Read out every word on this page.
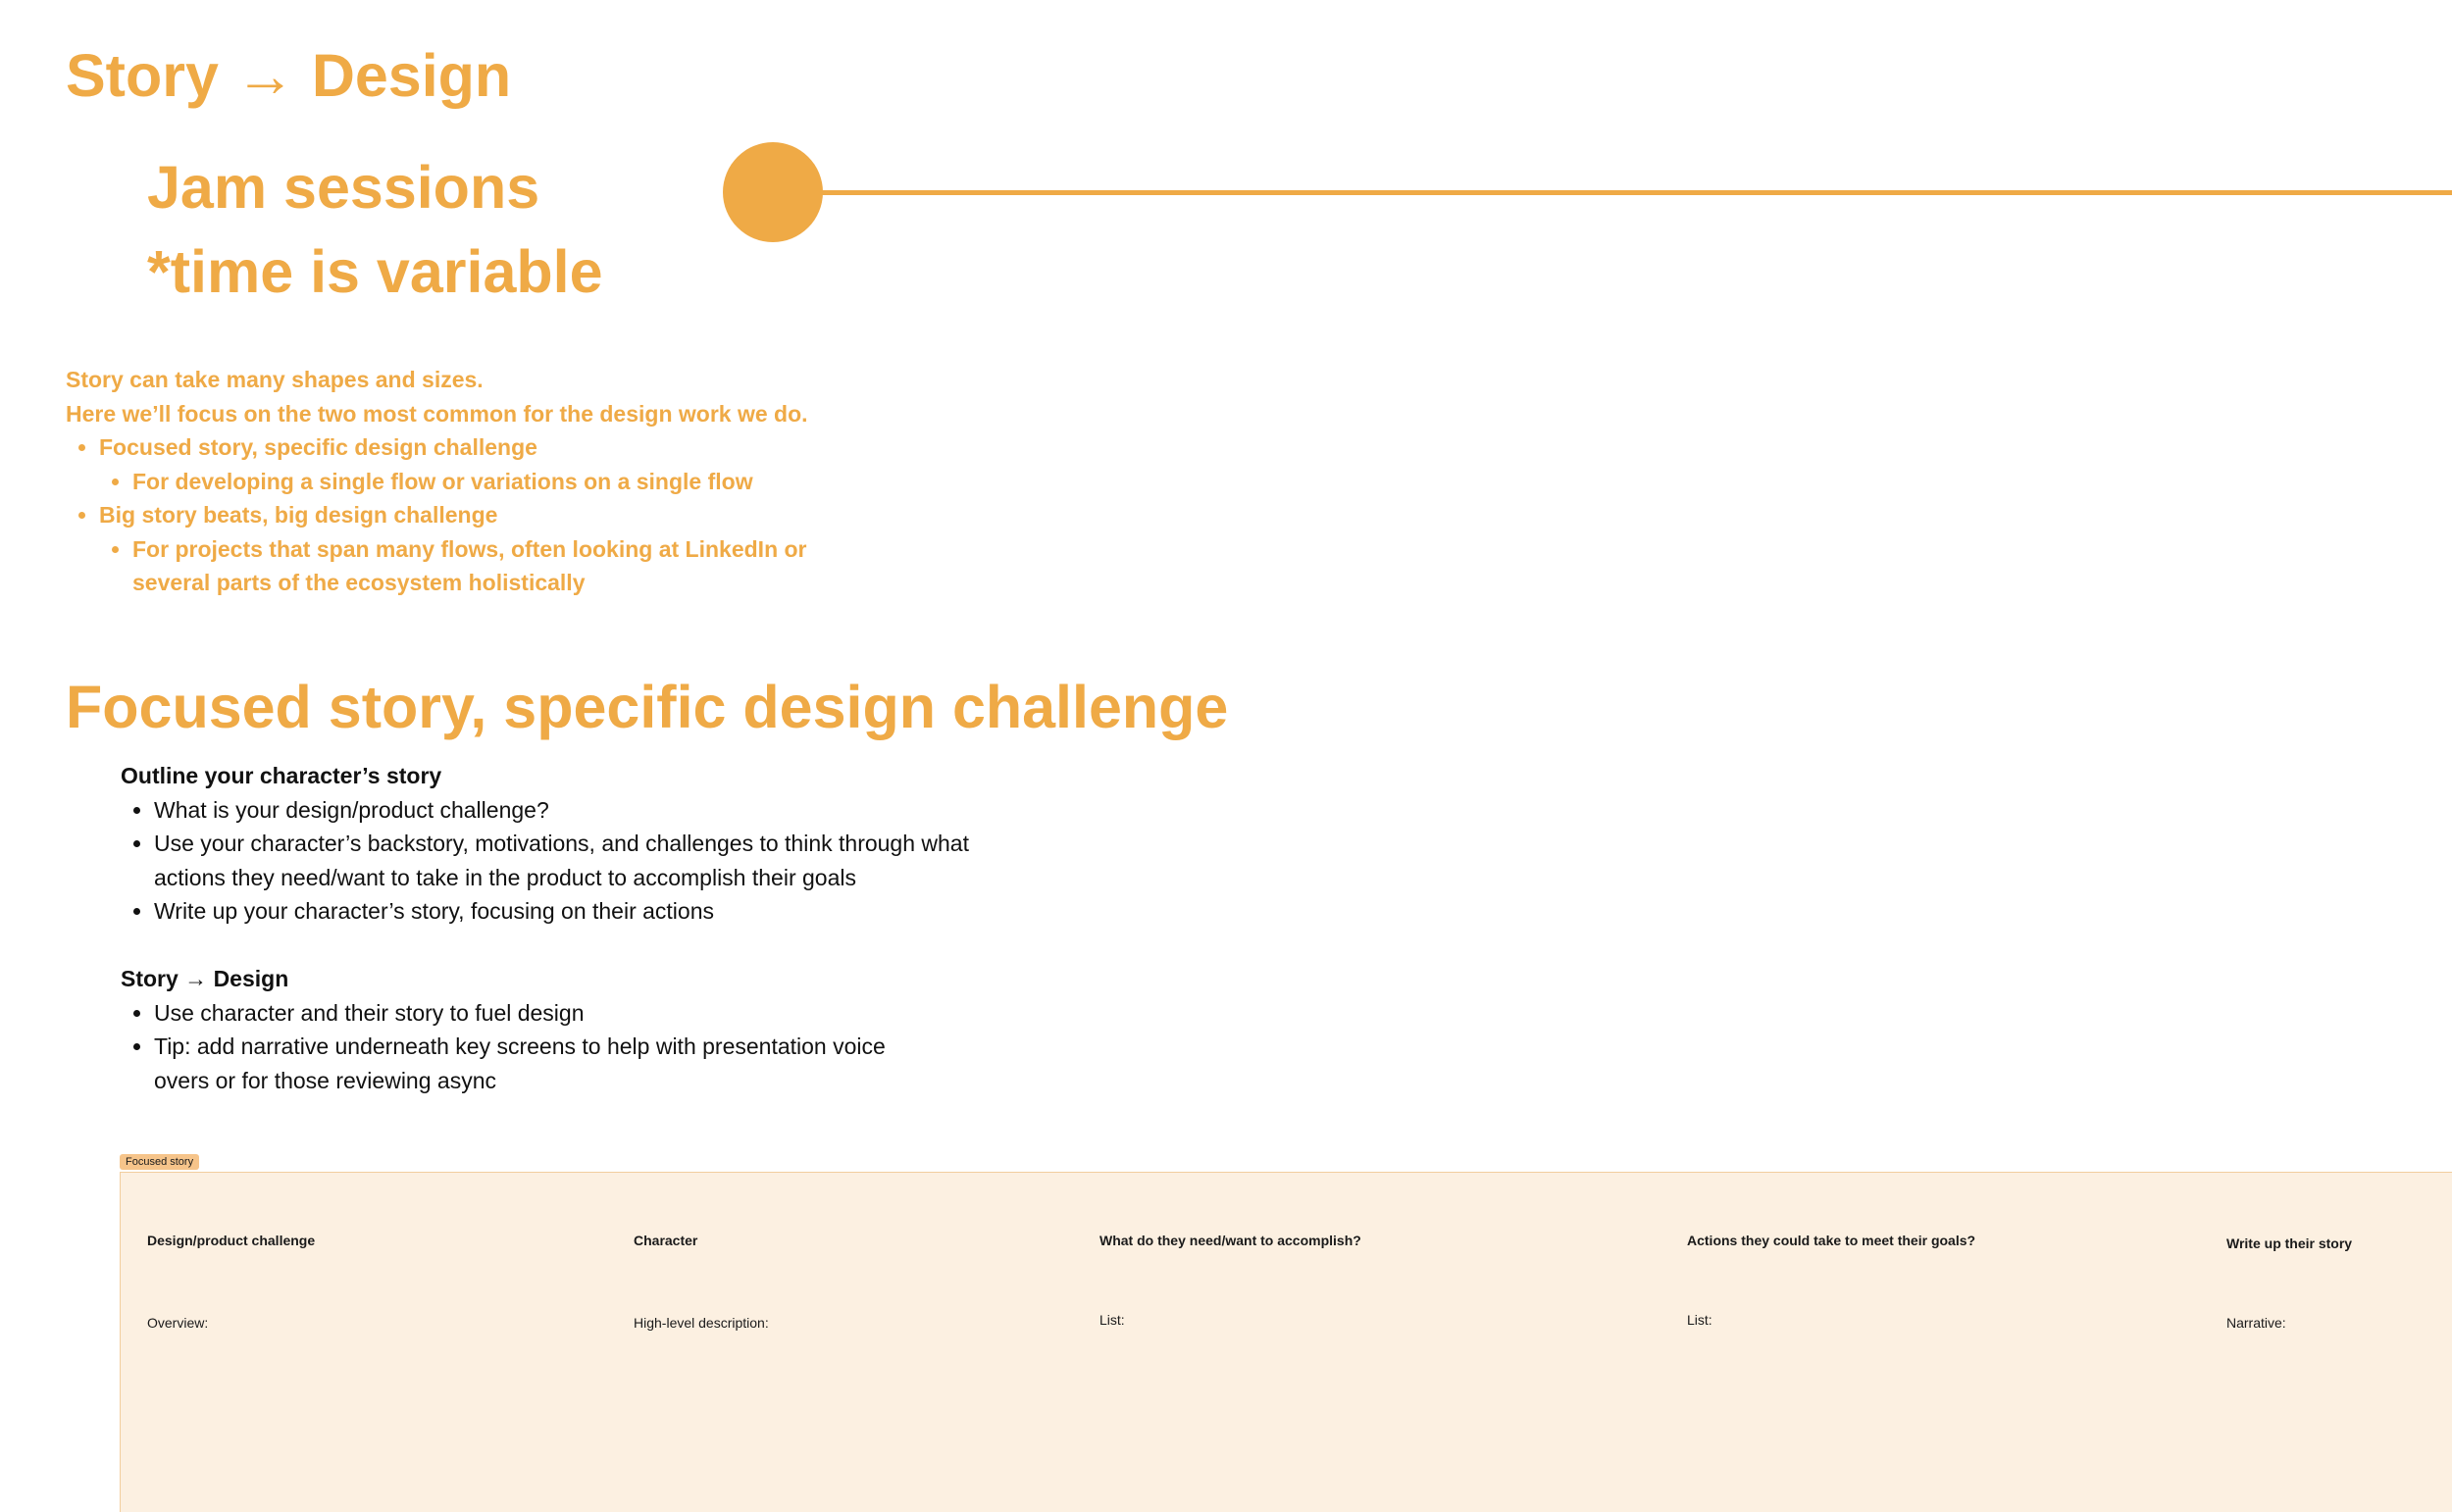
Story → Design
Jam sessions
*time is variable

Story can take many shapes and sizes.

Here we’ll focus on the two most common for the design work we do.

• Focused story, specific design challenge
• For developing a single flow or variations on a single flow
• Big story beats, big design challenge
• For projects that span many flows, often looking at LinkedIn or several parts of the ecosystem holistically
Focused story, specific design challenge
Outline your character’s story
• What is your design/product challenge?
• Use your character’s backstory, motivations, and challenges to think through what actions they need/want to take in the product to accomplish their goals
• Write up your character’s story, focusing on their actions
Story → Design
• Use character and their story to fuel design
• Tip: add narrative underneath key screens to help with presentation voice overs or for those reviewing async
Focused story
Design/product challenge
Overview:
Character
High-level description:
What do they need/want to accomplish?
List:
Actions they could take to meet their goals?
List:
Write up their story
Narrative:
